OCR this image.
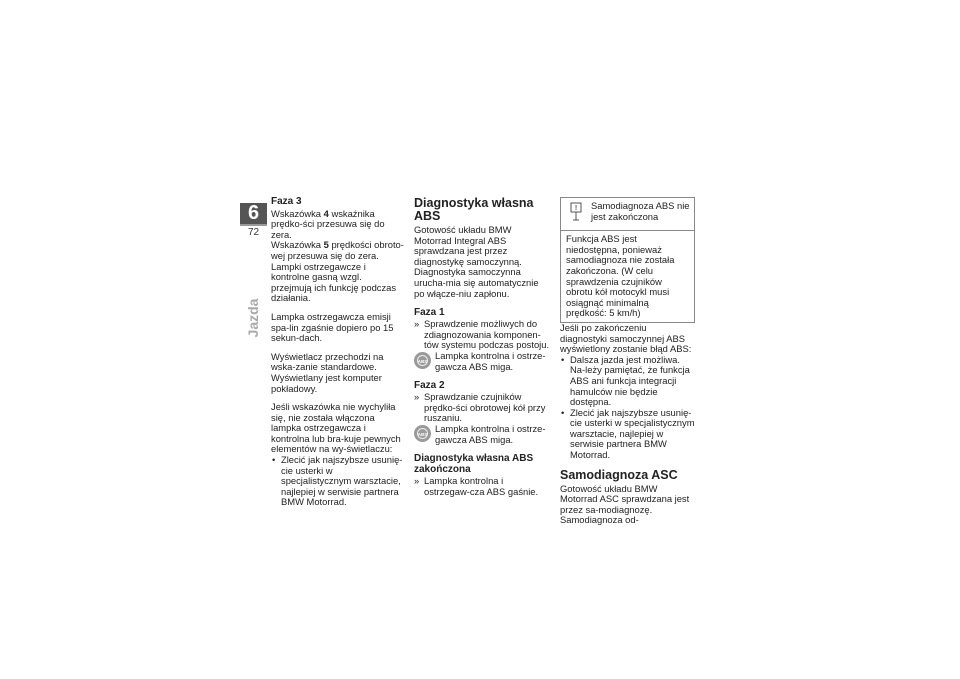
6
72
Jazda
Faza 3

Wskazówka 4 wskaźnika prędko-ści przesuwa się do zera.

Wskazówka 5 prędkości obroto-wej przesuwa się do zera.

Lampki ostrzegawcze i kontrolne gasną wzgl. przejmują ich funkcję podczas działania.

Lampka ostrzegawcza emisji spa-lin zgaśnie dopiero po 15 sekun-dach.

Wyświetlacz przechodzi na wska-zanie standardowe. Wyświetlany jest komputer pokładowy.

Jeśli wskazówka nie wychyliła się, nie została włączona lampka ostrzegawcza i kontrolna lub bra-kuje pewnych elementów na wy-świetlaczu:

• Zlecić jak najszybsze usunię-cie usterki w specjalistycznym warsztacie, najlepiej w serwisie partnera BMW Motorrad.
Diagnostyka własna ABS

Gotowość układu BMW Motorrad Integral ABS sprawdzana jest przez diagnostykę samoczynną. Diagnostyka samoczynna urucha-mia się automatycznie po włącze-niu zapłonu.

Faza 1
» Sprawdzenie możliwych do zdiagnozowania komponen-tów systemu podczas postoju.
ABS
Lampka kontrolna i ostrze-gawcza ABS miga.
Faza 2
» Sprawdzanie czujników prędko-ści obrotowej kół przy ruszaniu.
ABS
Lampka kontrolna i ostrze-gawcza ABS miga.
Diagnostyka własna ABS zakończona
» Lampka kontrolna i ostrzegaw-cza ABS gaśnie.
! Samodiagnoza ABS nie jest zakończona
Funkcja ABS jest niedostępna, ponieważ samodiagnoza nie została zakończona. (W celu sprawdzenia czujników obrotu kół motocykl musi osiągnąć minimalną prędkość: 5 km/h)

Jeśli po zakończeniu diagnostyki samoczynnej ABS wyświetlony zostanie błąd ABS:

• Dalsza jazda jest możliwa. Na-leży pamiętać, że funkcja ABS ani funkcja integracji hamulców nie będzie dostępna.
• Zlecić jak najszybsze usunię-cie usterki w specjalistycznym warsztacie, najlepiej w serwisie partnera BMW Motorrad.
Samodiagnoza ASC

Gotowość układu BMW Motorrad ASC sprawdzana jest przez sa-modiagnozę. Samodiagnoza od-
